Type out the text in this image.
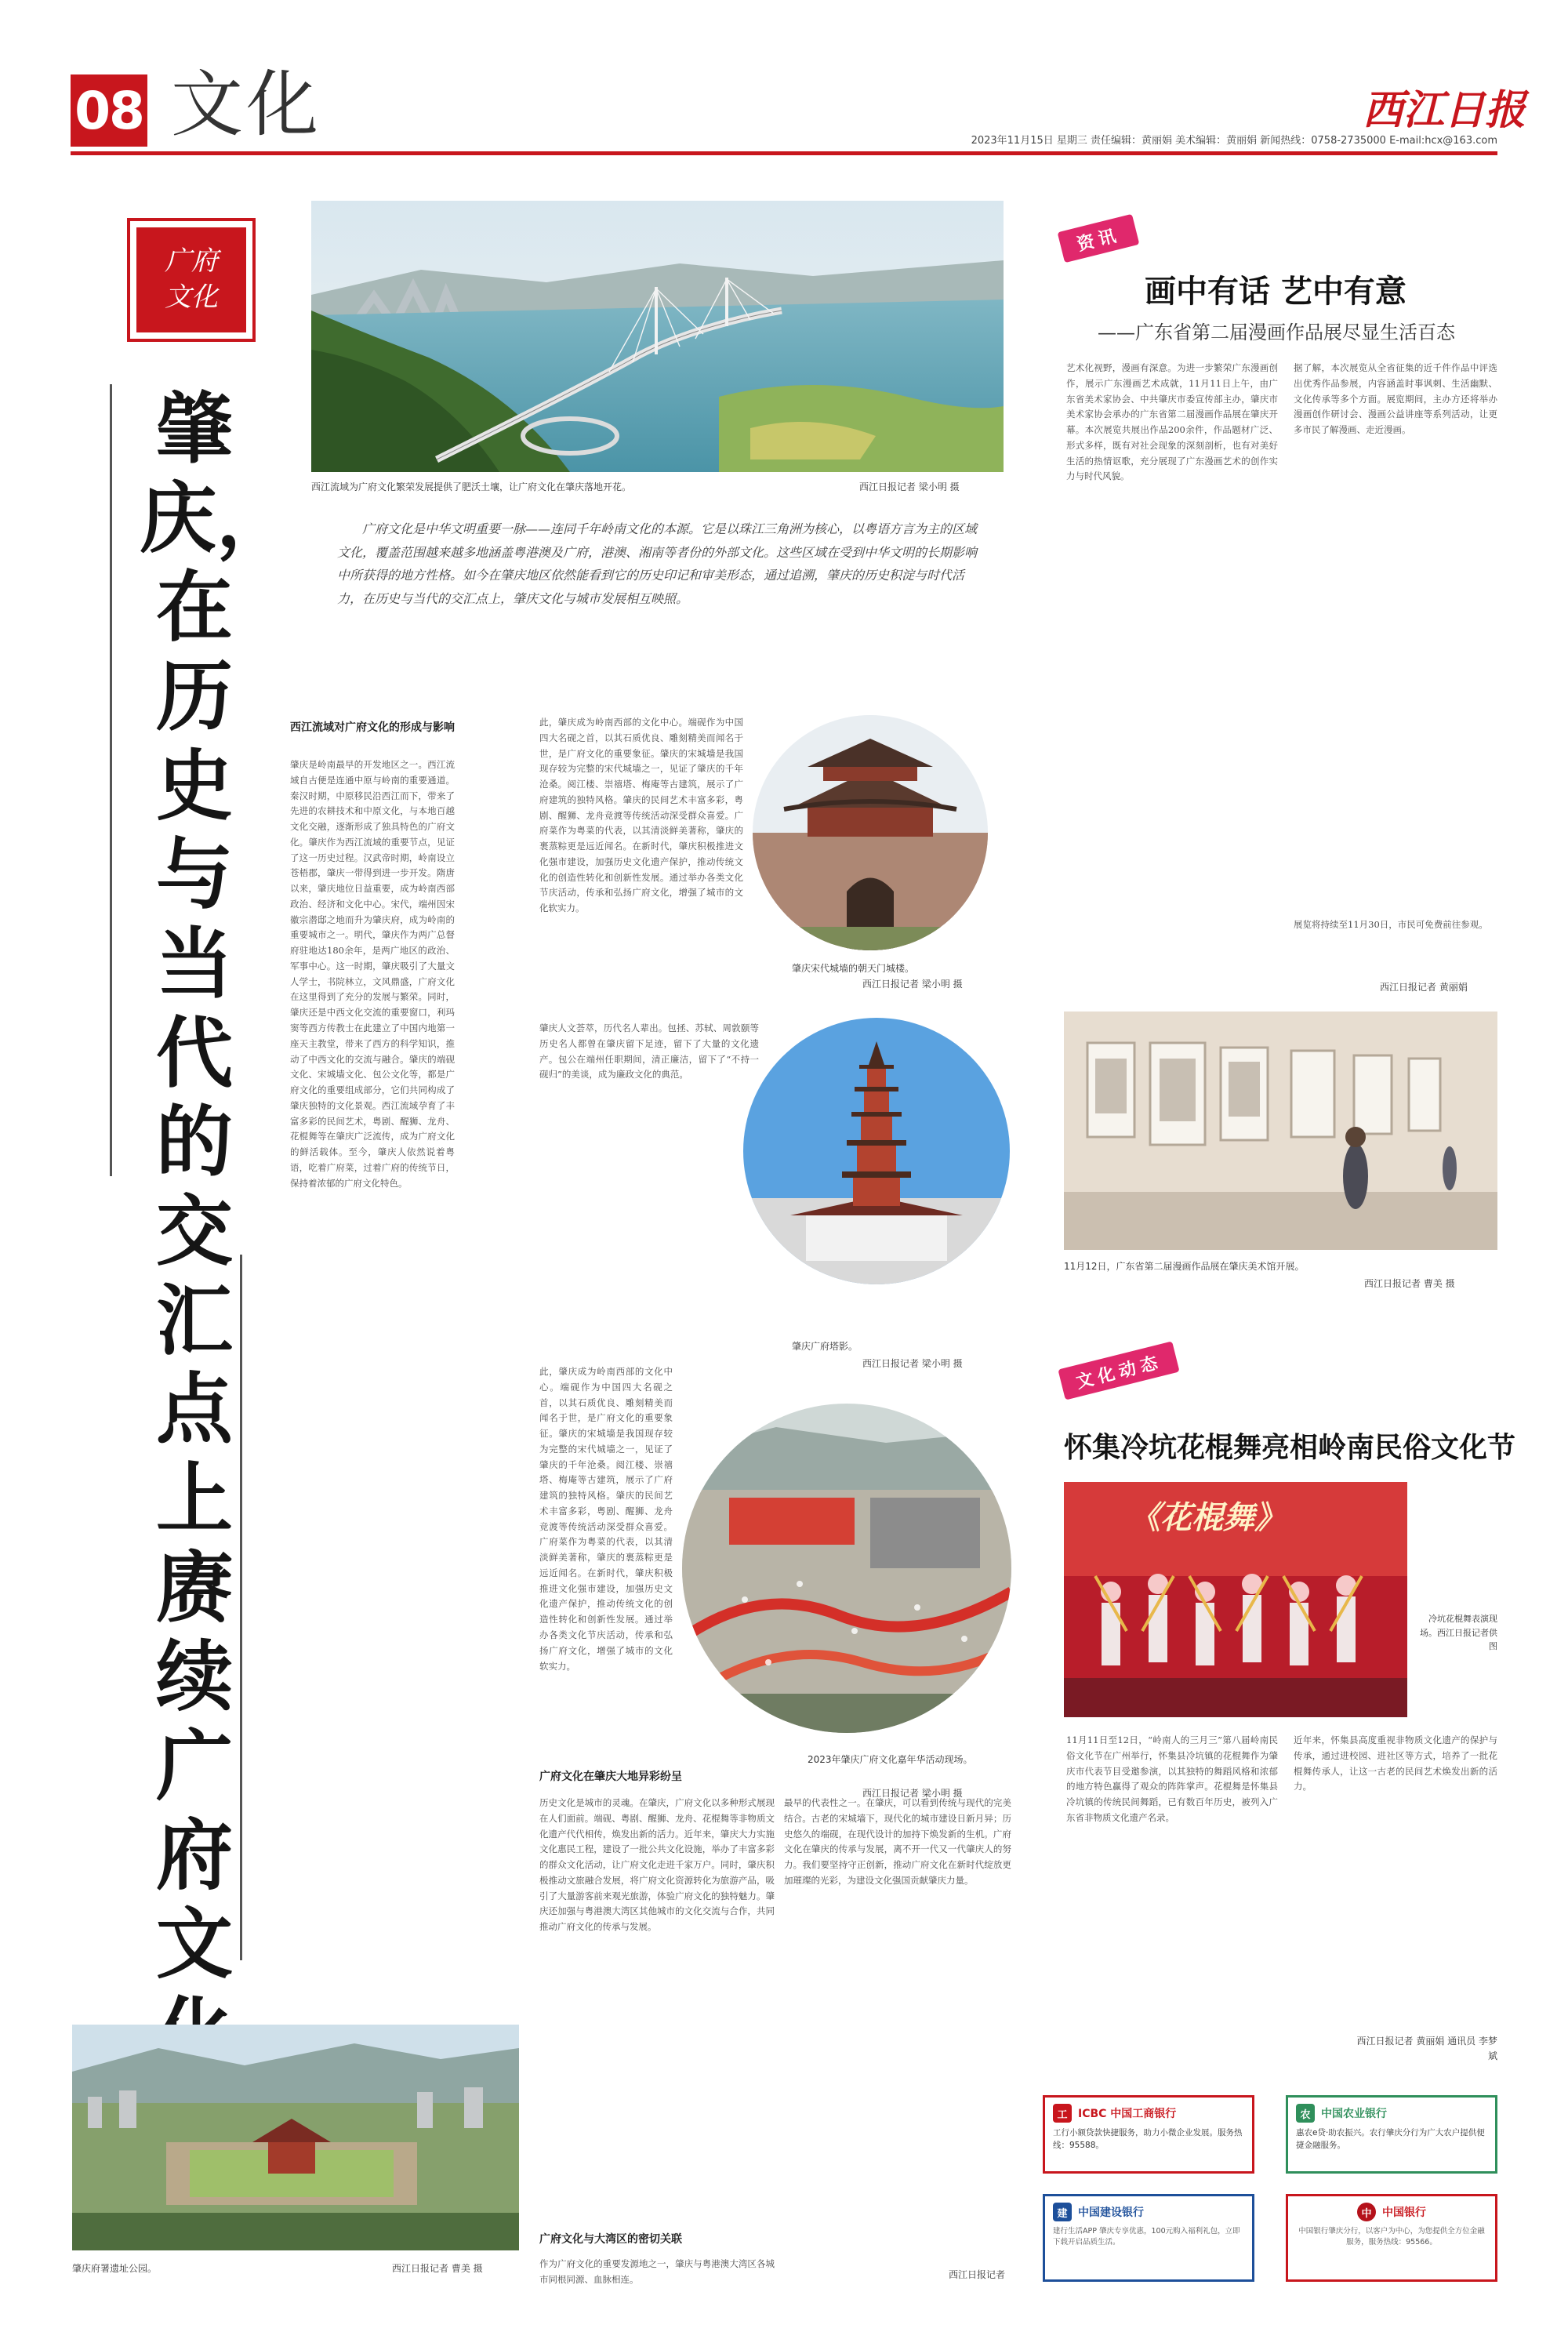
08 文化	西江日报
2023年11月15日 星期三 责任编辑：黄丽娟 美术编辑：黄丽娟 新闻热线：0758-2735000 E-mail:hcx@163.com
广府
文化
肇庆，在历史与当代的交汇点上赓续广府文
西江流域为广府文化繁荣发展提供了肥沃土壤，让广府文化在肇庆落地开花。	西江日报记者 梁小明 摄
广府文化是中华文明重要一脉——连同千年岭南文化的本源。它是以珠江三角洲为核心，以粤语方言为主的区域文化，覆盖范围越来越多地涵盖粤港澳及广府，港澳、湘南等者份的外部文化。这些区域在受到中华文明的长期影响中所获得的地方性格。如今在肇庆地区依然能看到它的历史印记和审美形态，通过追溯，肇庆的历史积淀与时代活力，在历史与当代的交汇点上，肇庆文化与城市发展相互映照。
西江流域对广府文化的形成与影响
肇庆是岭南最早的开发地区之一。西江流域自古便是连通中原与岭南的重要通道。秦汉时期，中原移民沿西江而下，带来了先进的农耕技术和中原文化，与本地百越文化交融，逐渐形成了独具特色的广府文化。肇庆作为西江流域的重要节点，见证了这一历史过程。汉武帝时期，岭南设立苍梧郡，肇庆一带得到进一步开发。隋唐以来，肇庆地位日益重要，成为岭南西部政治、经济和文化中心。宋代，端州因宋徽宗潜邸之地而升为肇庆府，成为岭南的重要城市之一。明代，肇庆作为两广总督府驻地达180余年，是两广地区的政治、军事中心。这一时期，肇庆吸引了大量文人学士，书院林立，文风鼎盛，广府文化在这里得到了充分的发展与繁荣。同时，肇庆还是中西文化交流的重要窗口，利玛窦等西方传教士在此建立了中国内地第一座天主教堂，带来了西方的科学知识，推动了中西文化的交流与融合。肇庆的端砚文化、宋城墙文化、包公文化等，都是广府文化的重要组成部分，它们共同构成了肇庆独特的文化景观。西江流域孕育了丰富多彩的民间艺术，粤剧、醒狮、龙舟、花棍舞等在肇庆广泛流传，成为广府文化的鲜活载体。至今，肇庆人依然说着粤语，吃着广府菜，过着广府的传统节日，保持着浓郁的广府文化特色。
此，肇庆成为岭南西部的文化中心。端砚作为中国四大名砚之首，以其石质优良、雕刻精美而闻名于世，是广府文化的重要象征。肇庆的宋城墙是我国现存较为完整的宋代城墙之一，见证了肇庆的千年沧桑。阅江楼、崇禧塔、梅庵等古建筑，展示了广府建筑的独特风格。肇庆的民间艺术丰富多彩，粤剧、醒狮、龙舟竞渡等传统活动深受群众喜爱。广府菜作为粤菜的代表，以其清淡鲜美著称，肇庆的裹蒸粽更是远近闻名。在新时代，肇庆积极推进文化强市建设，加强历史文化遗产保护，推动传统文化的创造性转化和创新性发展。通过举办各类文化节庆活动，传承和弘扬广府文化，增强了城市的文化软实力。
肇庆人文荟萃，历代名人辈出。包拯、苏轼、周敦颐等历史名人都曾在肇庆留下足迹，留下了大量的文化遗产。包公在端州任职期间，清正廉洁，留下了“不持一砚归”的美谈，成为廉政文化的典范。
此，肇庆成为岭南西部的文化中心。端砚作为中国四大名砚之首，以其石质优良、雕刻精美而闻名于世，是广府文化的重要象征。肇庆的宋城墙是我国现存较为完整的宋代城墙之一，见证了肇庆的千年沧桑。阅江楼、崇禧塔、梅庵等古建筑，展示了广府建筑的独特风格。肇庆的民间艺术丰富多彩，粤剧、醒狮、龙舟竞渡等传统活动深受群众喜爱。广府菜作为粤菜的代表，以其清淡鲜美著称，肇庆的裹蒸粽更是远近闻名。在新时代，肇庆积极推进文化强市建设，加强历史文化遗产保护，推动传统文化的创造性转化和创新性发展。通过举办各类文化节庆活动，传承和弘扬广府文化，增强了城市的文化软实力。
肇庆宋代城墙的朝天门城楼。
西江日报记者 梁小明 摄
肇庆广府塔影。
西江日报记者 梁小明 摄
2023年肇庆广府文化嘉年华活动现场。
西江日报记者 梁小明 摄
广府文化在肇庆大地异彩纷呈
历史文化是城市的灵魂。在肇庆，广府文化以多种形式展现在人们面前。端砚、粤剧、醒狮、龙舟、花棍舞等非物质文化遗产代代相传，焕发出新的活力。近年来，肇庆大力实施文化惠民工程，建设了一批公共文化设施，举办了丰富多彩的群众文化活动，让广府文化走进千家万户。同时，肇庆积极推动文旅融合发展，将广府文化资源转化为旅游产品，吸引了大量游客前来观光旅游，体验广府文化的独特魅力。肇庆还加强与粤港澳大湾区其他城市的文化交流与合作，共同推动广府文化的传承与发展。
广府文化与大湾区的密切关联
作为广府文化的重要发源地之一，肇庆与粤港澳大湾区各城市同根同源、血脉相连。
最早的代表性之一。在肇庆，可以看到传统与现代的完美结合。古老的宋城墙下，现代化的城市建设日新月异；历史悠久的端砚，在现代设计的加持下焕发新的生机。广府文化在肇庆的传承与发展，离不开一代又一代肇庆人的努力。我们要坚持守正创新，推动广府文化在新时代绽放更加璀璨的光彩，为建设文化强国贡献肇庆力量。
西江日报记者
肇庆府署遗址公园。	西江日报记者 曹美 摄
资讯
画中有话 艺中有意
——广东省第二届漫画作品展尽显生活百态
艺术化视野，漫画有深意。为进一步繁荣广东漫画创作，展示广东漫画艺术成就，11月11日上午，由广东省美术家协会、中共肇庆市委宣传部主办，肇庆市美术家协会承办的广东省第二届漫画作品展在肇庆开幕。本次展览共展出作品200余件，作品题材广泛、形式多样，既有对社会现象的深刻剖析，也有对美好生活的热情讴歌，充分展现了广东漫画艺术的创作实力与时代风貌。
据了解，本次展览从全省征集的近千件作品中评选出优秀作品参展，内容涵盖时事讽刺、生活幽默、文化传承等多个方面。展览期间，主办方还将举办漫画创作研讨会、漫画公益讲座等系列活动，让更多市民了解漫画、走近漫画。
展览将持续至11月30日，市民可免费前往参观。
西江日报记者 黄丽娟
11月12日，广东省第二届漫画作品展在肇庆美术馆开展。
西江日报记者 曹美 摄
文化动态
怀集冷坑花棍舞亮相岭南民俗文化节
《花棍舞》
冷坑花棍舞表演现场。西江日报记者供图
11月11日至12日，“岭南人的三月三”第八届岭南民俗文化节在广州举行，怀集县冷坑镇的花棍舞作为肇庆市代表节目受邀参演，以其独特的舞蹈风格和浓郁的地方特色赢得了观众的阵阵掌声。花棍舞是怀集县冷坑镇的传统民间舞蹈，已有数百年历史，被列入广东省非物质文化遗产名录。
近年来，怀集县高度重视非物质文化遗产的保护与传承，通过进校园、进社区等方式，培养了一批花棍舞传承人，让这一古老的民间艺术焕发出新的活力。
西江日报记者 黄丽娟 通讯员 李梦斌
工 ICBC 中国工商银行
工行小额贷款快捷服务，助力小微企业发展。服务热线：95588。
农 中国农业银行
惠农e贷·助农振兴。农行肇庆分行为广大农户提供便捷金融服务。
建 中国建设银行
建行生活APP 肇庆专享优惠，100元购入福利礼包，立即下载开启品质生活。
中 中国银行
中国银行肇庆分行，以客户为中心，为您提供全方位金融服务，服务热线：95566。
